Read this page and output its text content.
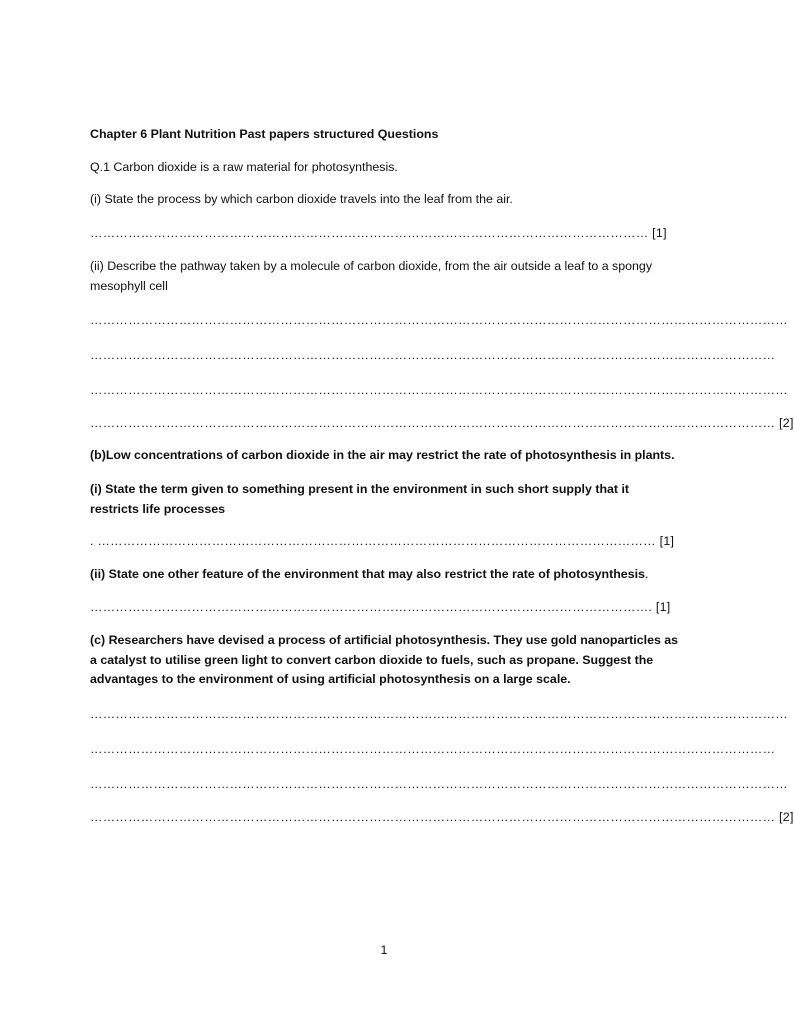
Chapter 6 Plant Nutrition Past papers structured Questions
Q.1 Carbon dioxide is a raw material for photosynthesis.
(i) State the process by which carbon dioxide travels into the leaf from the air.
…………………………………………………………………………………………………………………… [1]
(ii) Describe the pathway taken by a molecule of carbon dioxide, from the air outside a leaf to a spongy mesophyll cell
…………………………………………………………………………………………………………………………………………………
………………………………………………………………………………………………………………………………………………
…………………………………………………………………………………………………………………………………………………
……………………………………………………………………………………………………………………………………………… [2]
(b)Low concentrations of carbon dioxide in the air may restrict the rate of photosynthesis in plants.
(i) State the term given to something present in the environment in such short supply that it restricts life processes
. …………………………………………………………………………………………………………………… [1]
(ii) State one other feature of the environment that may also restrict the rate of photosynthesis.
……………………………………………………………………………………………………………………. [1]
(c) Researchers have devised a process of artificial photosynthesis. They use gold nanoparticles as a catalyst to utilise green light to convert carbon dioxide to fuels, such as propane. Suggest the advantages to the environment of using artificial photosynthesis on a large scale.
…………………………………………………………………………………………………………………………………………………
………………………………………………………………………………………………………………………………………………
…………………………………………………………………………………………………………………………………………………
……………………………………………………………………………………………………………………………………………… [2]
1
